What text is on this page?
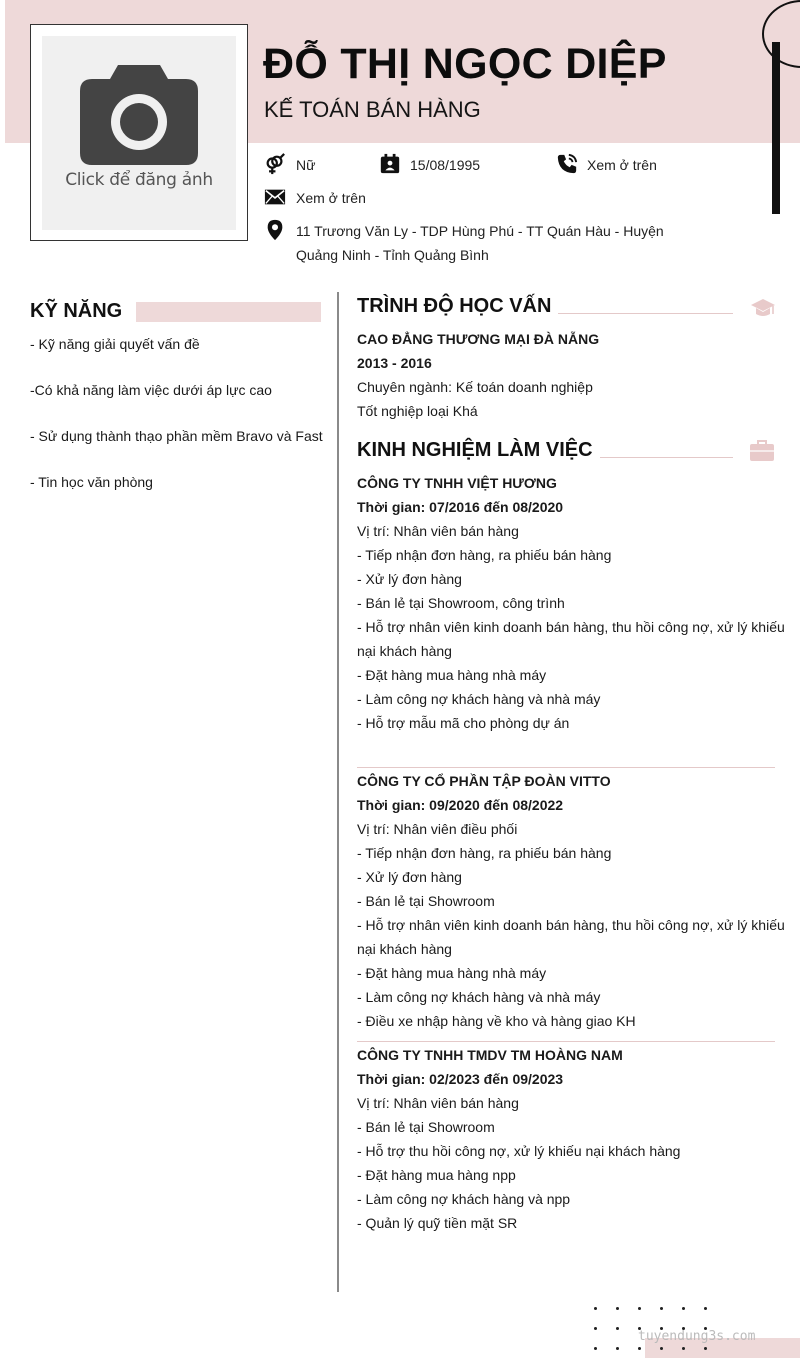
Click để đăng ảnh
ĐỖ THỊ NGỌC DIỆP
KẾ TOÁN BÁN HÀNG
Nữ	15/08/1995	Xem ở trên
Xem ở trên
11 Trương Văn Ly - TDP Hùng Phú - TT Quán Hàu - Huyện
Quảng Ninh - Tỉnh Quảng Bình
KỸ NĂNG
- Kỹ năng giải quyết vấn đề
-Có khả năng làm việc dưới áp lực cao
- Sử dụng thành thạo phần mềm Bravo và Fast
- Tin học văn phòng
TRÌNH ĐỘ HỌC VẤN
CAO ĐẲNG THƯƠNG MẠI ĐÀ NẴNG
2013 - 2016
Chuyên ngành: Kế toán doanh nghiệp
Tốt nghiệp loại Khá
KINH NGHIỆM LÀM VIỆC
CÔNG TY TNHH VIỆT HƯƠNG
Thời gian: 07/2016 đến 08/2020
Vị trí: Nhân viên bán hàng
- Tiếp nhận đơn hàng, ra phiếu bán hàng
- Xử lý đơn hàng
- Bán lẻ tại Showroom, công trình
- Hỗ trợ nhân viên kinh doanh bán hàng, thu hồi công nợ, xử lý khiếu
nại khách hàng
- Đặt hàng mua hàng nhà máy
- Làm công nợ khách hàng và nhà máy
- Hỗ trợ mẫu mã cho phòng dự án
CÔNG TY CỔ PHẦN TẬP ĐOÀN VITTO
Thời gian: 09/2020 đến 08/2022
Vị trí: Nhân viên điều phối
- Tiếp nhận đơn hàng, ra phiếu bán hàng
- Xử lý đơn hàng
- Bán lẻ tại Showroom
- Hỗ trợ nhân viên kinh doanh bán hàng, thu hồi công nợ, xử lý khiếu
nại khách hàng
- Đặt hàng mua hàng nhà máy
- Làm công nợ khách hàng và nhà máy
- Điều xe nhập hàng về kho và hàng giao KH
CÔNG TY TNHH TMDV TM HOÀNG NAM
Thời gian: 02/2023 đến 09/2023
Vị trí: Nhân viên bán hàng
- Bán lẻ tại Showroom
- Hỗ trợ thu hồi công nợ, xử lý khiếu nại khách hàng
- Đặt hàng mua hàng npp
- Làm công nợ khách hàng và npp
- Quản lý quỹ tiền mặt SR
tuyendung3s.com
